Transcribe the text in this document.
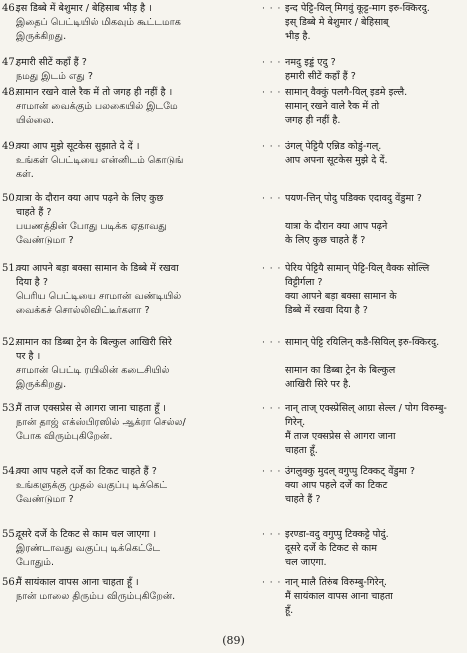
46.
इस डिब्बे में बेशुमार / बेहिसाब भीड़ है ।
இதைப் பெட்டியில் மிகவும் கூட்டமாக
இருக்கிறது.
· · · इन्द पेट्टि-यिल् मिगवुं कूट्ट-माग इरु-क्किरदु.
इस् डिब्बे मे बेशुमार / बेहिसाब्
भीड़ है.
47.
हमारी सीटें कहाँ हैं ?
நமது இடம் எது ?
· · · नमदु इड्डं एदु ?
हमारी सीटें कहाँ हैं ?
48.
सामान रखने वाले रैक में तो जगह ही नहीं है ।
சாமான் வைக்கும் பலகையில் இடமே
யில்லை.
· · · सामान् वैक्कुं पलगै-यिल् इडमे इल्लै.
सामान् रखने वाले रैक में तो
जगह ही नहीं है.
49.
क्या आप मुझे सूटकेस सुझाते दे दें ।
உங்கள் பெட்டியை என்னிடம் கொடுங்
கள்.
· · · उंगल् पेट्टियै एन्निड कोडुं-गल्.
आप अपना सूटकेस मुझे दे दें.
50.
यात्रा के दौरान क्या आप पढ़ने के लिए कुछ
चाहते हैं ?
பயணத்தின் போது படிக்க ஏதாவது
வேண்டுமா ?
· · · पयण-त्तिन् पोदु पडिक्क एदावदु वेंडुमा ?

यात्रा के दौरान क्या आप पढ़ने
के लिए कुछ चाहते हैं ?
51.
क्या आपने बड़ा बक्सा सामान के डिब्बे में रखवा
दिया है ?
பெரிய பெட்டியை சாமான் வண்டியில்
வைக்கச் சொல்லிவிட்டீர்களா ?
· · · पेरिय पेट्टियै सामान् पेट्टि-यिल् वैक्क सोल्लि
विट्टीर्गला ?
क्या आपने बड़ा बक्सा सामान के
डिब्बे में रखवा दिया है ?
52.
सामान का डिब्बा ट्रेन के बिल्कुल आखिरी सिरे
पर है ।
சாமான் பெட்டி ரயிலின் கடைசியில்
இருக்கிறது.
· · · सामान् पेट्टि रयिलिन् कडै-सियिल् इरु-क्किरदु.

सामान का डिब्बा ट्रेन के बिल्कुल
आखिरी सिरे पर है.
53.
मैं ताज एक्सप्रेस से आगरा जाना चाहता हूँ ।
நான் தாஜ் எக்ஸ்பிரஸில் ஆக்ரா செல்ல/
போக விரும்புகிறேன்.
· · · नान् ताज् एक्स्प्रेसिल् आग्रा सेल्ल / पोग विरुम्बु-
गिरेन्.
मैं ताज एक्सप्रेस से आगरा जाना
चाहता हूँ.
54.
क्या आप पहले दर्जे का टिकट चाहते हैं ?
உங்களுக்கு முதல் வகுப்பு டிக்கெட்
வேண்டுமா ?
· · · उंगलुक्कु मुदल् वगुप्पु टिक्कट् वेंडुमा ?
क्या आप पहले दर्जे का टिकट
चाहते हैं ?
55.
दूसरे दर्जे के टिकट से काम चल जाएगा ।
இரண்டாவது வகுப்பு டிக்கெட்டே
போதும்.
· · · इरण्डा-वदु वगुप्पु टिक्कट्टे पोदुं.
दूसरे दर्जे के टिकट से काम
चल जाएगा.
56.
मैं सायंकाल वापस आना चाहता हूँ ।
நான் மாலை திரும்ப விரும்புகிறேன்.
· · · नान् मालै तिरुंब विरुम्बु-गिरेन्.
मैं सायंकाल वापस आना चाहता
हूँ.
(89)
